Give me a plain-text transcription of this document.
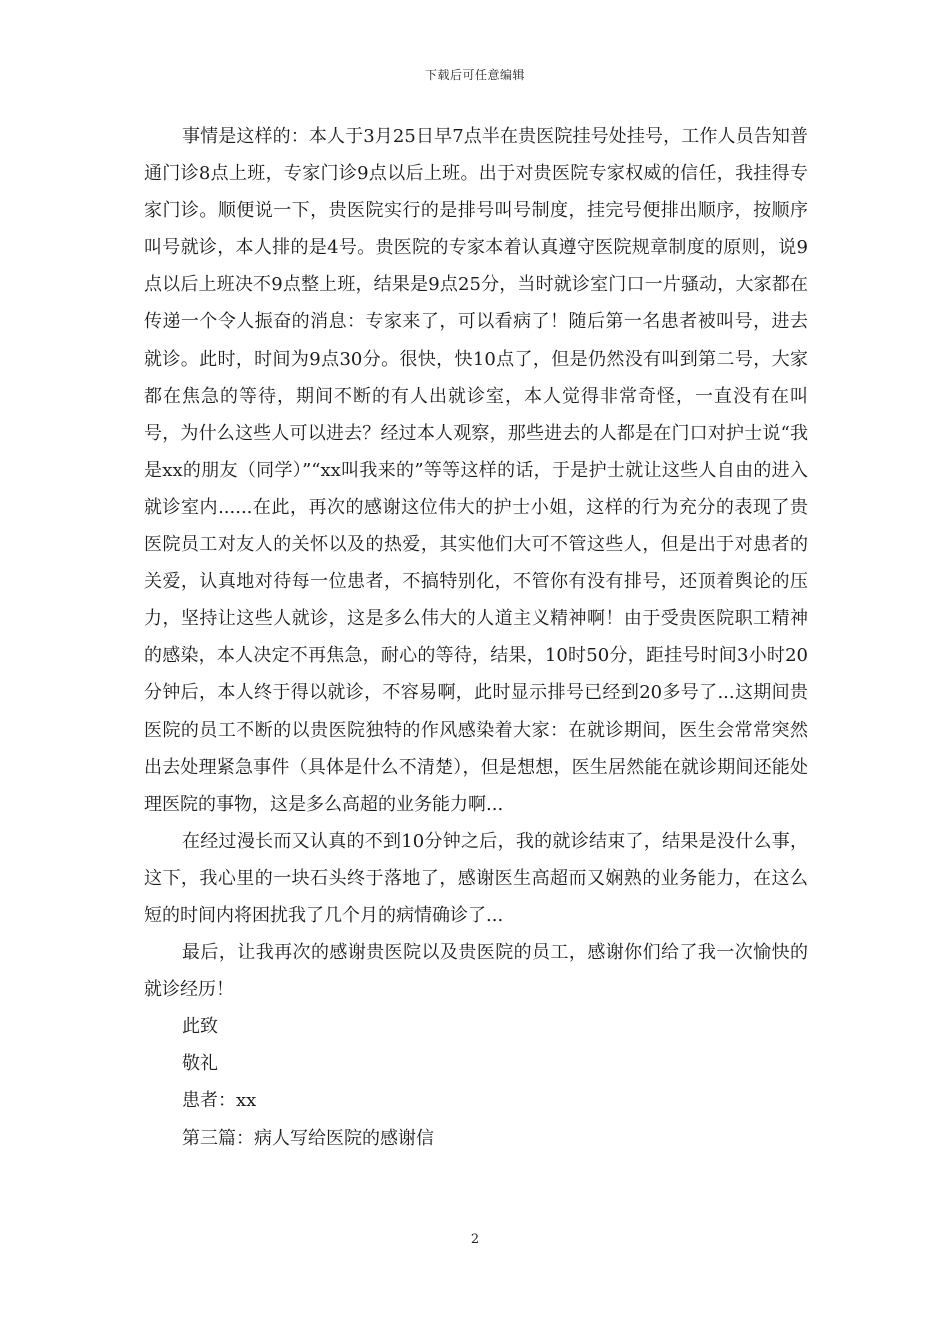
下载后可任意编辑

事情是这样的：本人于3月25日早7点半在贵医院挂号处挂号，工作人员告知普通门诊8点上班，专家门诊9点以后上班。出于对贵医院专家权威的信任，我挂得专家门诊。顺便说一下，贵医院实行的是排号叫号制度，挂完号便排出顺序，按顺序叫号就诊，本人排的是4号。贵医院的专家本着认真遵守医院规章制度的原则，说9点以后上班决不9点整上班，结果是9点25分，当时就诊室门口一片骚动，大家都在传递一个令人振奋的消息：专家来了，可以看病了！随后第一名患者被叫号，进去就诊。此时，时间为9点30分。很快，快10点了，但是仍然没有叫到第二号，大家都在焦急的等待，期间不断的有人出就诊室，本人觉得非常奇怪，一直没有在叫号，为什么这些人可以进去？经过本人观察，那些进去的人都是在门口对护士说“我是xx的朋友（同学）”“xx叫我来的”等等这样的话，于是护士就让这些人自由的进入就诊室内......在此，再次的感谢这位伟大的护士小姐，这样的行为充分的表现了贵医院员工对友人的关怀以及的热爱，其实他们大可不管这些人，但是出于对患者的关爱，认真地对待每一位患者，不搞特别化，不管你有没有排号，还顶着舆论的压力，坚持让这些人就诊，这是多么伟大的人道主义精神啊！由于受贵医院职工精神的感染，本人决定不再焦急，耐心的等待，结果，10时50分，距挂号时间3小时20分钟后，本人终于得以就诊，不容易啊，此时显示排号已经到20多号了...这期间贵医院的员工不断的以贵医院独特的作风感染着大家：在就诊期间，医生会常常突然出去处理紧急事件（具体是什么不清楚），但是想想，医生居然能在就诊期间还能处理医院的事物，这是多么高超的业务能力啊...

在经过漫长而又认真的不到10分钟之后，我的就诊结束了，结果是没什么事，这下，我心里的一块石头终于落地了，感谢医生高超而又娴熟的业务能力，在这么短的时间内将困扰我了几个月的病情确诊了...

最后，让我再次的感谢贵医院以及贵医院的员工，感谢你们给了我一次愉快的就诊经历！

此致

敬礼

患者：xx

第三篇：病人写给医院的感谢信

2
